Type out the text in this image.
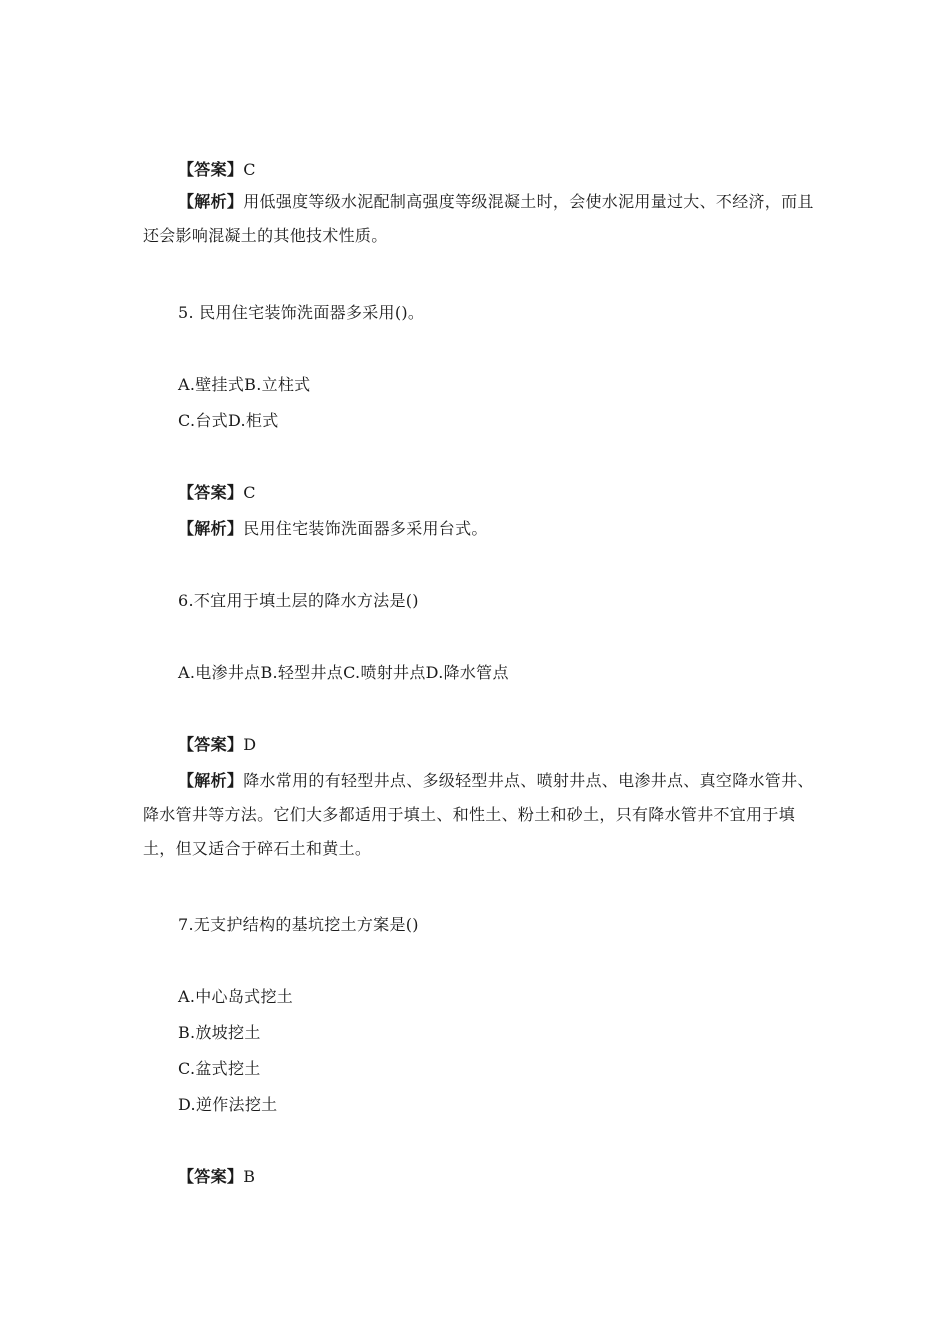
【答案】C
【解析】用低强度等级水泥配制高强度等级混凝土时，会使水泥用量过大、不经济，而且还会影响混凝土的其他技术性质。
5. 民用住宅装饰洗面器多采用()。
A.壁挂式B.立柱式
C.台式D.柜式
【答案】C
【解析】民用住宅装饰洗面器多采用台式。
6.不宜用于填土层的降水方法是()
A.电渗井点B.轻型井点C.喷射井点D.降水管点
【答案】D
【解析】降水常用的有轻型井点、多级轻型井点、喷射井点、电渗井点、真空降水管井、降水管井等方法。它们大多都适用于填土、和性土、粉土和砂土，只有降水管井不宜用于填土，但又适合于碎石土和黄土。
7.无支护结构的基坑挖土方案是()
A.中心岛式挖土
B.放坡挖土
C.盆式挖土
D.逆作法挖土
【答案】B
